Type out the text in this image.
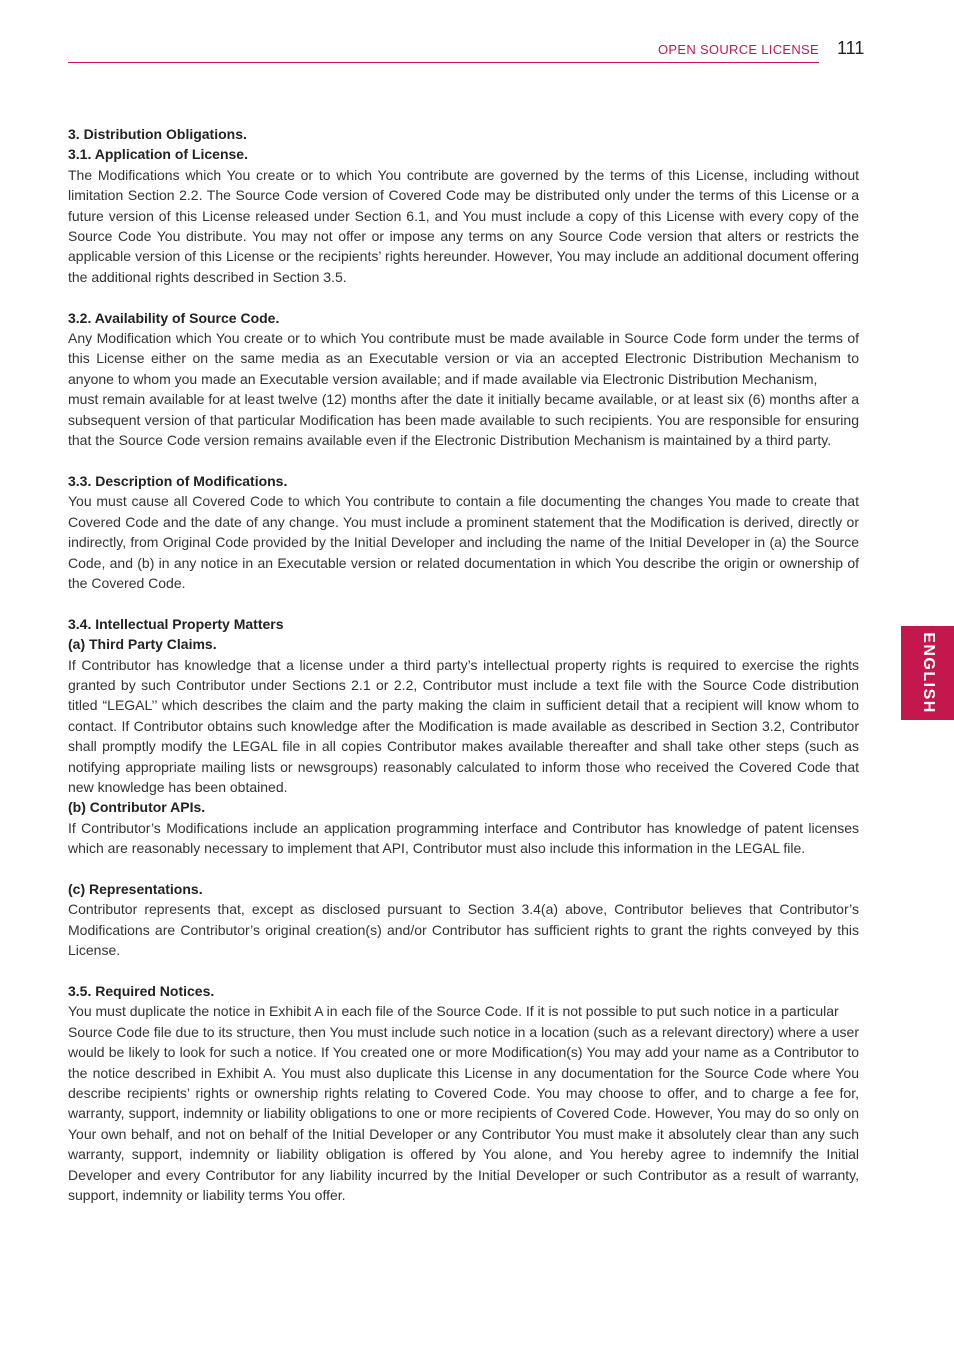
OPEN SOURCE LICENSE 111
ENGLISH
3. Distribution Obligations.
3.1. Application of License.

The Modifications which You create or to which You contribute are governed by the terms of this License, including without limitation Section 2.2. The Source Code version of Covered Code may be distributed only under the terms of this License or a future version of this License released under Section 6.1, and You must include a copy of this License with every copy of the Source Code You distribute. You may not offer or impose any terms on any Source Code version that alters or restricts the applicable version of this License or the recipients’ rights hereunder. However, You may include an additional document offering the additional rights described in Section 3.5.

3.2. Availability of Source Code.

Any Modification which You create or to which You contribute must be made available in Source Code form under the terms of this License either on the same media as an Executable version or via an accepted Electronic Distribution Mechanism to anyone to whom you made an Executable version available; and if made available via Electronic Distribution Mechanism,

must remain available for at least twelve (12) months after the date it initially became available, or at least six (6) months after a subsequent version of that particular Modification has been made available to such recipients. You are responsible for ensuring that the Source Code version remains available even if the Electronic Distribution Mechanism is maintained by a third party.

3.3. Description of Modifications.

You must cause all Covered Code to which You contribute to contain a file documenting the changes You made to create that Covered Code and the date of any change. You must include a prominent statement that the Modification is derived, directly or indirectly, from Original Code provided by the Initial Developer and including the name of the Initial Developer in (a) the Source Code, and (b) in any notice in an Executable version or related documentation in which You describe the origin or ownership of the Covered Code.

3.4. Intellectual Property Matters
(a) Third Party Claims.

If Contributor has knowledge that a license under a third party’s intellectual property rights is required to exercise the rights granted by such Contributor under Sections 2.1 or 2.2, Contributor must include a text file with the Source Code distribution titled “LEGAL’’ which describes the claim and the party making the claim in sufficient detail that a recipient will know whom to contact. If Contributor obtains such knowledge after the Modification is made available as described in Section 3.2, Contributor shall promptly modify the LEGAL file in all copies Contributor makes available thereafter and shall take other steps (such as notifying appropriate mailing lists or newsgroups) reasonably calculated to inform those who received the Covered Code that new knowledge has been obtained.

(b) Contributor APIs.

If Contributor’s Modifications include an application programming interface and Contributor has knowledge of patent licenses which are reasonably necessary to implement that API, Contributor must also include this information in the LEGAL file.

(c) Representations.

Contributor represents that, except as disclosed pursuant to Section 3.4(a) above, Contributor believes that Contributor’s Modifications are Contributor’s original creation(s) and/or Contributor has sufficient rights to grant the rights conveyed by this License.

3.5. Required Notices.

You must duplicate the notice in Exhibit A in each file of the Source Code. If it is not possible to put such notice in a particular

Source Code file due to its structure, then You must include such notice in a location (such as a relevant directory) where a user would be likely to look for such a notice. If You created one or more Modification(s) You may add your name as a Contributor to the notice described in Exhibit A. You must also duplicate this License in any documentation for the Source Code where You describe recipients’ rights or ownership rights relating to Covered Code. You may choose to offer, and to charge a fee for, warranty, support, indemnity or liability obligations to one or more recipients of Covered Code. However, You may do so only on Your own behalf, and not on behalf of the Initial Developer or any Contributor You must make it absolutely clear than any such warranty, support, indemnity or liability obligation is offered by You alone, and You hereby agree to indemnify the Initial Developer and every Contributor for any liability incurred by the Initial Developer or such Contributor as a result of warranty, support, indemnity or liability terms You offer.
